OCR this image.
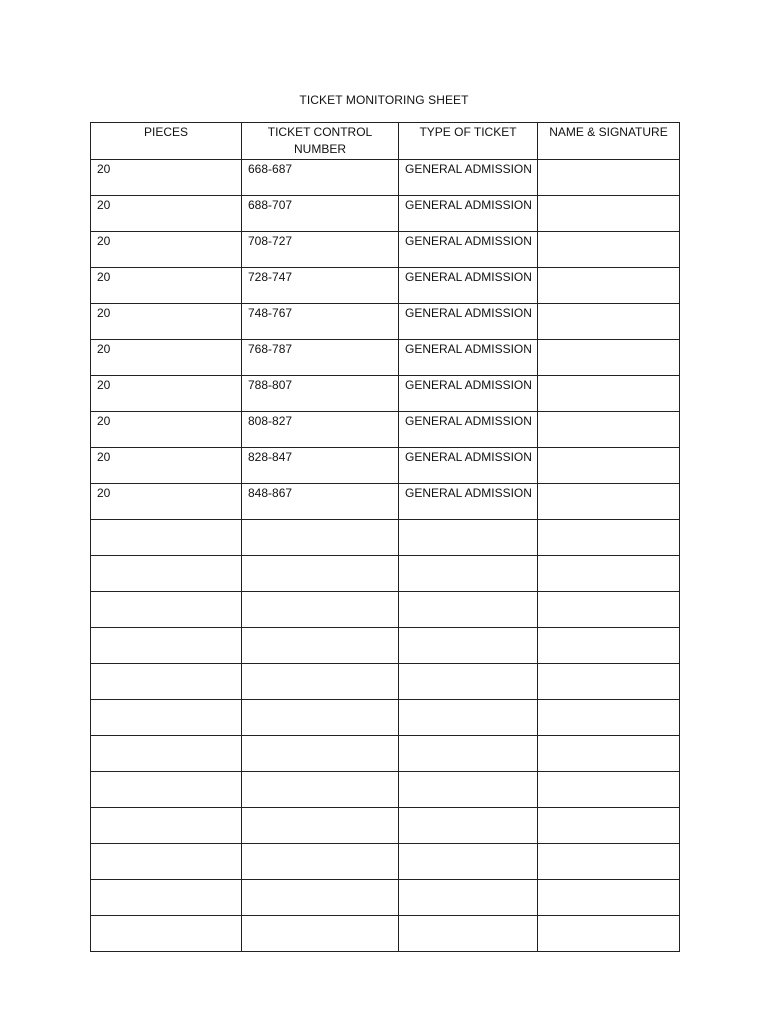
TICKET MONITORING SHEET
PIECES	TICKET CONTROL NUMBER	TYPE OF TICKET	NAME & SIGNATURE

20	668-687	GENERAL ADMISSION	

20	688-707	GENERAL ADMISSION	

20	708-727	GENERAL ADMISSION	

20	728-747	GENERAL ADMISSION	

20	748-767	GENERAL ADMISSION	

20	768-787	GENERAL ADMISSION	

20	788-807	GENERAL ADMISSION	

20	808-827	GENERAL ADMISSION	

20	828-847	GENERAL ADMISSION	

20	848-867	GENERAL ADMISSION	
